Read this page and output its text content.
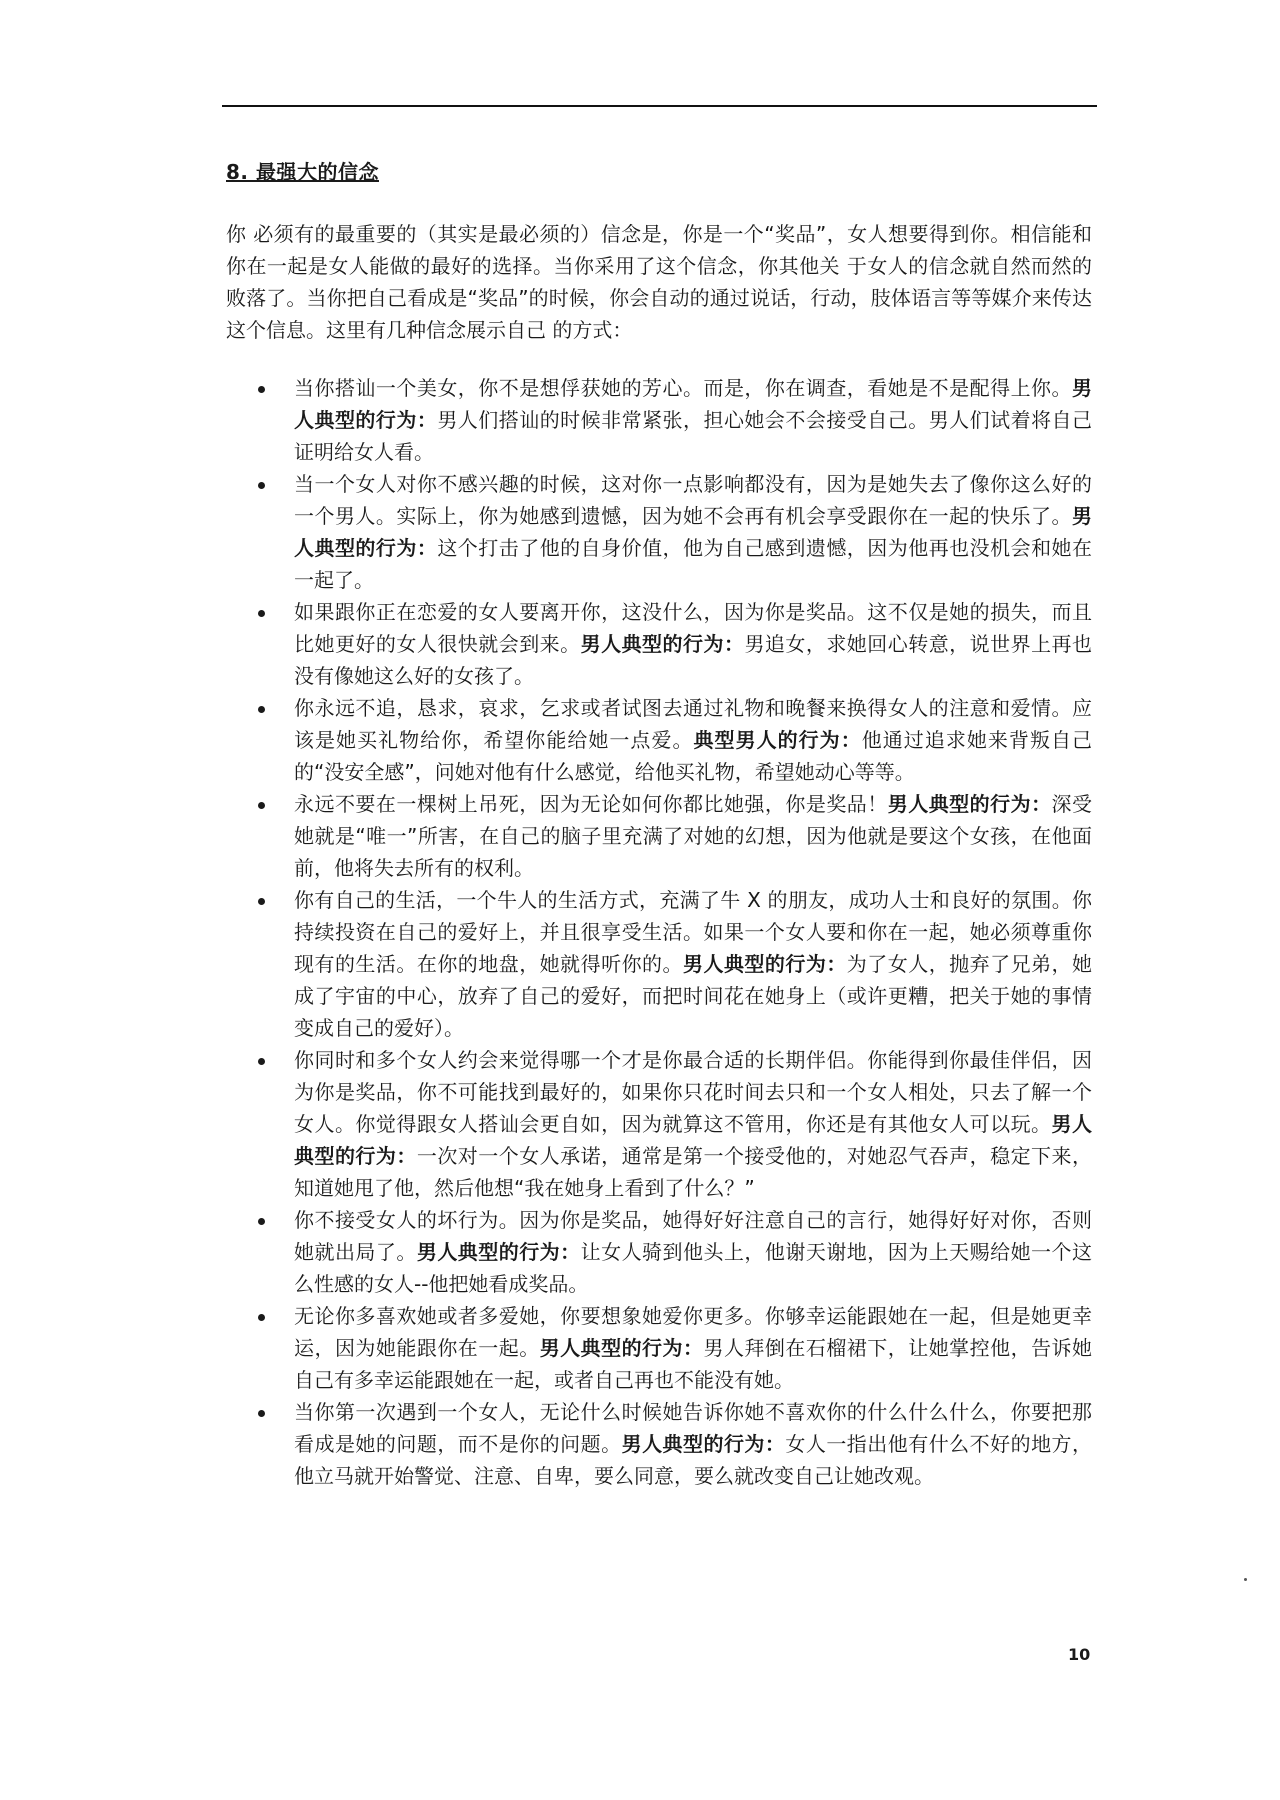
8. 最强大的信念
你 必须有的最重要的（其实是最必须的）信念是，你是一个“奖品”，女人想要得到你。相信能和你在一起是女人能做的最好的选择。当你采用了这个信念，你其他关 于女人的信念就自然而然的败落了。当你把自己看成是“奖品”的时候，你会自动的通过说话，行动，肢体语言等等媒介来传达这个信息。这里有几种信念展示自己 的方式：
当你搭讪一个美女，你不是想俘获她的芳心。而是，你在调查，看她是不是配得上你。男人典型的行为：男人们搭讪的时候非常紧张，担心她会不会接受自己。男人们试着将自己证明给女人看。
当一个女人对你不感兴趣的时候，这对你一点影响都没有，因为是她失去了像你这么好的一个男人。实际上，你为她感到遗憾，因为她不会再有机会享受跟你在一起的快乐了。男人典型的行为：这个打击了他的自身价值，他为自己感到遗憾，因为他再也没机会和她在一起了。
如果跟你正在恋爱的女人要离开你，这没什么，因为你是奖品。这不仅是她的损失，而且比她更好的女人很快就会到来。男人典型的行为：男追女，求她回心转意，说世界上再也没有像她这么好的女孩了。
你永远不追，恳求，哀求，乞求或者试图去通过礼物和晚餐来换得女人的注意和爱情。应该是她买礼物给你，希望你能给她一点爱。典型男人的行为：他通过追求她来背叛自己的“没安全感”，问她对他有什么感觉，给他买礼物，希望她动心等等。
永远不要在一棵树上吊死，因为无论如何你都比她强，你是奖品！男人典型的行为：深受她就是“唯一”所害，在自己的脑子里充满了对她的幻想，因为他就是要这个女孩，在他面前，他将失去所有的权利。
你有自己的生活，一个牛人的生活方式，充满了牛 X 的朋友，成功人士和良好的氛围。你持续投资在自己的爱好上，并且很享受生活。如果一个女人要和你在一起，她必须尊重你现有的生活。在你的地盘，她就得听你的。男人典型的行为：为了女人，抛弃了兄弟，她成了宇宙的中心，放弃了自己的爱好，而把时间花在她身上（或许更糟，把关于她的事情变成自己的爱好）。
你同时和多个女人约会来觉得哪一个才是你最合适的长期伴侣。你能得到你最佳伴侣，因为你是奖品，你不可能找到最好的，如果你只花时间去只和一个女人相处，只去了解一个女人。你觉得跟女人搭讪会更自如，因为就算这不管用，你还是有其他女人可以玩。男人典型的行为：一次对一个女人承诺，通常是第一个接受他的，对她忍气吞声，稳定下来，知道她甩了他，然后他想“我在她身上看到了什么？”
你不接受女人的坏行为。因为你是奖品，她得好好注意自己的言行，她得好好对你，否则她就出局了。男人典型的行为：让女人骑到他头上，他谢天谢地，因为上天赐给她一个这么性感的女人--他把她看成奖品。
无论你多喜欢她或者多爱她，你要想象她爱你更多。你够幸运能跟她在一起，但是她更幸运，因为她能跟你在一起。男人典型的行为：男人拜倒在石榴裙下，让她掌控他，告诉她自己有多幸运能跟她在一起，或者自己再也不能没有她。
当你第一次遇到一个女人，无论什么时候她告诉你她不喜欢你的什么什么什么，你要把那看成是她的问题，而不是你的问题。男人典型的行为：女人一指出他有什么不好的地方，他立马就开始警觉、注意、自卑，要么同意，要么就改变自己让她改观。
10
